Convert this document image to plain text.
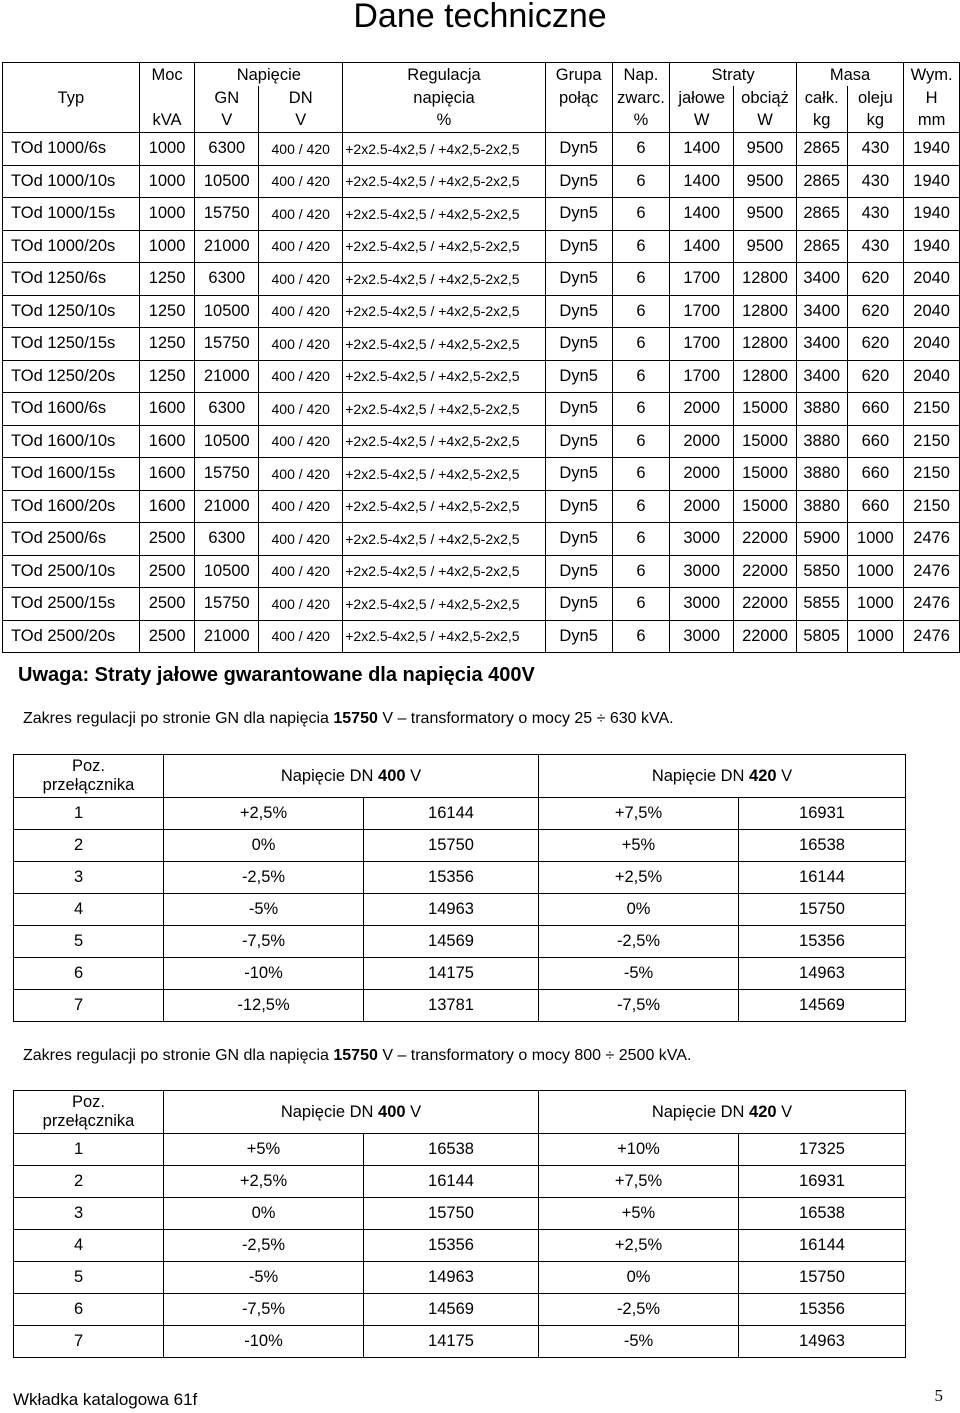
Dane techniczne
	Moc	Napięcie		Regulacja	Grupa	Nap.	Straty		Masa		Wym.
Typ		GN	DN	napięcia	połąc	zwarc.	jałowe	obciąż	całk.	oleju	H
	kVA	V	V	%		%	W	W	kg	kg	mm
TOd 1000/6s	1000	6300	400 / 420	+2x2.5-4x2,5 / +4x2,5-2x2,5	Dyn5	6	1400	9500	2865	430	1940
TOd 1000/10s	1000	10500	400 / 420	+2x2.5-4x2,5 / +4x2,5-2x2,5	Dyn5	6	1400	9500	2865	430	1940
TOd 1000/15s	1000	15750	400 / 420	+2x2.5-4x2,5 / +4x2,5-2x2,5	Dyn5	6	1400	9500	2865	430	1940
TOd 1000/20s	1000	21000	400 / 420	+2x2.5-4x2,5 / +4x2,5-2x2,5	Dyn5	6	1400	9500	2865	430	1940
TOd 1250/6s	1250	6300	400 / 420	+2x2.5-4x2,5 / +4x2,5-2x2,5	Dyn5	6	1700	12800	3400	620	2040
TOd 1250/10s	1250	10500	400 / 420	+2x2.5-4x2,5 / +4x2,5-2x2,5	Dyn5	6	1700	12800	3400	620	2040
TOd 1250/15s	1250	15750	400 / 420	+2x2.5-4x2,5 / +4x2,5-2x2,5	Dyn5	6	1700	12800	3400	620	2040
TOd 1250/20s	1250	21000	400 / 420	+2x2.5-4x2,5 / +4x2,5-2x2,5	Dyn5	6	1700	12800	3400	620	2040
TOd 1600/6s	1600	6300	400 / 420	+2x2.5-4x2,5 / +4x2,5-2x2,5	Dyn5	6	2000	15000	3880	660	2150
TOd 1600/10s	1600	10500	400 / 420	+2x2.5-4x2,5 / +4x2,5-2x2,5	Dyn5	6	2000	15000	3880	660	2150
TOd 1600/15s	1600	15750	400 / 420	+2x2.5-4x2,5 / +4x2,5-2x2,5	Dyn5	6	2000	15000	3880	660	2150
TOd 1600/20s	1600	21000	400 / 420	+2x2.5-4x2,5 / +4x2,5-2x2,5	Dyn5	6	2000	15000	3880	660	2150
TOd 2500/6s	2500	6300	400 / 420	+2x2.5-4x2,5 / +4x2,5-2x2,5	Dyn5	6	3000	22000	5900	1000	2476
TOd 2500/10s	2500	10500	400 / 420	+2x2.5-4x2,5 / +4x2,5-2x2,5	Dyn5	6	3000	22000	5850	1000	2476
TOd 2500/15s	2500	15750	400 / 420	+2x2.5-4x2,5 / +4x2,5-2x2,5	Dyn5	6	3000	22000	5855	1000	2476
TOd 2500/20s	2500	21000	400 / 420	+2x2.5-4x2,5 / +4x2,5-2x2,5	Dyn5	6	3000	22000	5805	1000	2476
Uwaga: Straty jałowe gwarantowane dla napięcia 400V
Zakres regulacji po stronie GN dla napięcia 15750 V – transformatory o mocy 25 ÷ 630 kVA.
Poz.
przełącznika	Napięcie DN 400 V		Napięcie DN 420 V	
1	+2,5%	16144	+7,5%	16931
2	0%	15750	+5%	16538
3	-2,5%	15356	+2,5%	16144
4	-5%	14963	0%	15750
5	-7,5%	14569	-2,5%	15356
6	-10%	14175	-5%	14963
7	-12,5%	13781	-7,5%	14569
Zakres regulacji po stronie GN dla napięcia 15750 V – transformatory o mocy 800 ÷ 2500 kVA.
Poz.
przełącznika	Napięcie DN 400 V		Napięcie DN 420 V	
1	+5%	16538	+10%	17325
2	+2,5%	16144	+7,5%	16931
3	0%	15750	+5%	16538
4	-2,5%	15356	+2,5%	16144
5	-5%	14963	0%	15750
6	-7,5%	14569	-2,5%	15356
7	-10%	14175	-5%	14963
Wkładka katalogowa 61f	5
